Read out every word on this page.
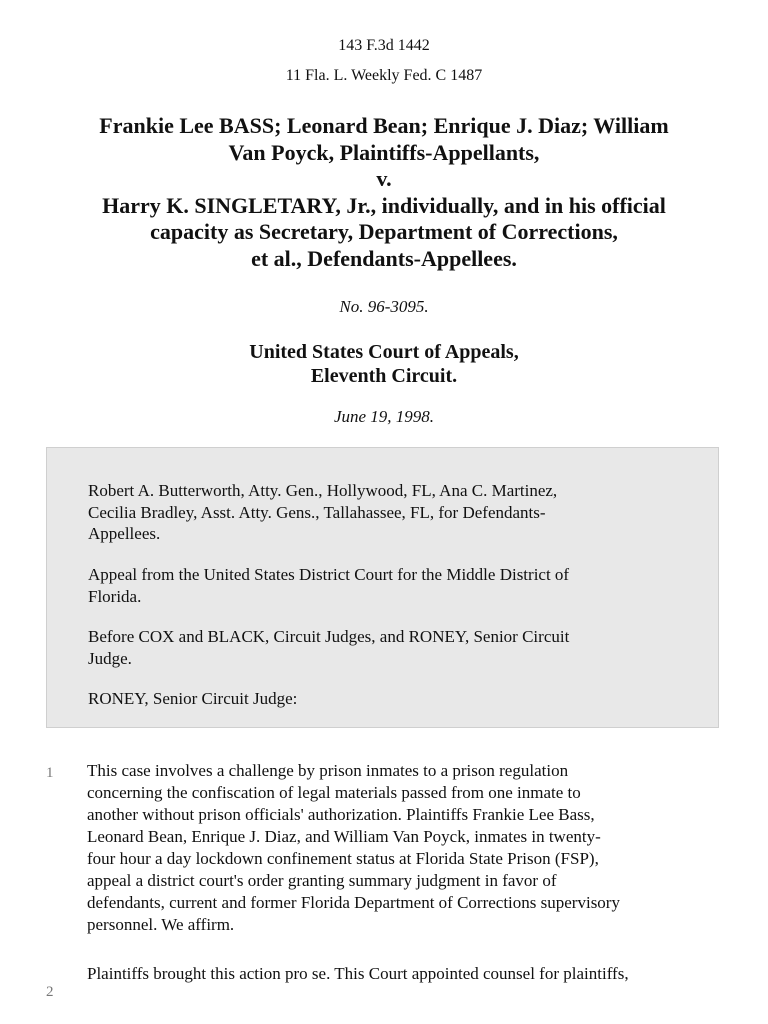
143 F.3d 1442
11 Fla. L. Weekly Fed. C 1487
Frankie Lee BASS; Leonard Bean; Enrique J. Diaz; William
Van Poyck, Plaintiffs-Appellants,
v.
Harry K. SINGLETARY, Jr., individually, and in his official
capacity as Secretary, Department of Corrections,
et al., Defendants-Appellees.
No. 96-3095.
United States Court of Appeals,
Eleventh Circuit.
June 19, 1998.

Robert A. Butterworth, Atty. Gen., Hollywood, FL, Ana C. Martinez,
Cecilia Bradley, Asst. Atty. Gens., Tallahassee, FL, for Defendants-
Appellees.

Appeal from the United States District Court for the Middle District of
Florida.

Before COX and BLACK, Circuit Judges, and RONEY, Senior Circuit
Judge.

RONEY, Senior Circuit Judge:

1 This case involves a challenge by prison inmates to a prison regulation
concerning the confiscation of legal materials passed from one inmate to
another without prison officials' authorization. Plaintiffs Frankie Lee Bass,
Leonard Bean, Enrique J. Diaz, and William Van Poyck, inmates in twenty-
four hour a day lockdown confinement status at Florida State Prison (FSP),
appeal a district court's order granting summary judgment in favor of
defendants, current and former Florida Department of Corrections supervisory
personnel. We affirm.

2

Plaintiffs brought this action pro se. This Court appointed counsel for plaintiffs,
